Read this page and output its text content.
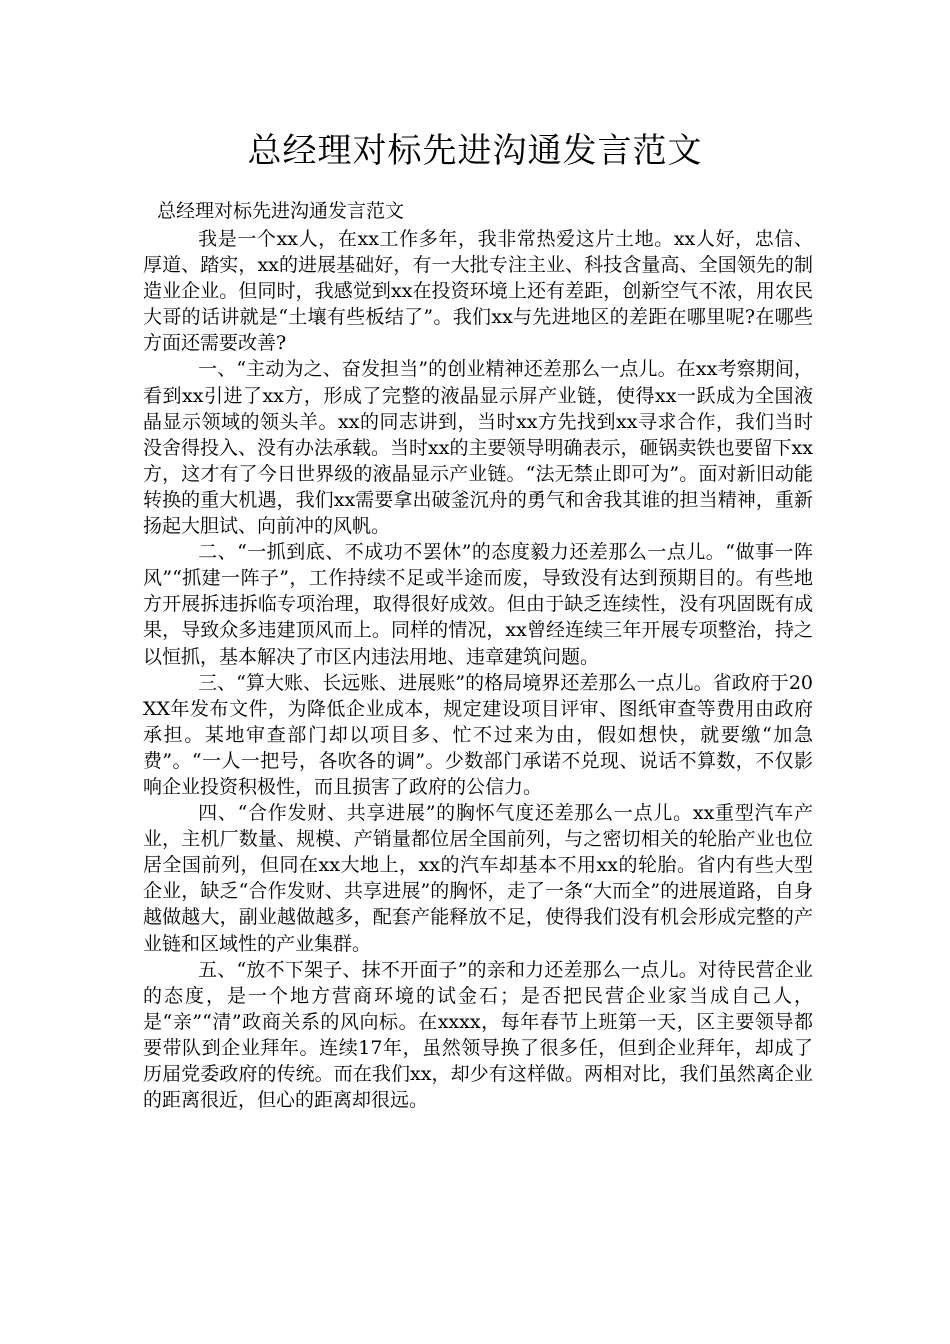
总经理对标先进沟通发言范文

总经理对标先进沟通发言范文

我是一个xx人，在xx工作多年，我非常热爱这片土地。xx人好，忠信、厚道、踏实，xx的进展基础好，有一大批专注主业、科技含量高、全国领先的制造业企业。但同时，我感觉到xx在投资环境上还有差距，创新空气不浓，用农民大哥的话讲就是“土壤有些板结了”。我们xx与先进地区的差距在哪里呢?在哪些方面还需要改善?

一、“主动为之、奋发担当”的创业精神还差那么一点儿。在xx考察期间，看到xx引进了xx方，形成了完整的液晶显示屏产业链，使得xx一跃成为全国液晶显示领域的领头羊。xx的同志讲到，当时xx方先找到xx寻求合作，我们当时没舍得投入、没有办法承载。当时xx的主要领导明确表示，砸锅卖铁也要留下xx方，这才有了今日世界级的液晶显示产业链。“法无禁止即可为”。面对新旧动能转换的重大机遇，我们xx需要拿出破釜沉舟的勇气和舍我其谁的担当精神，重新扬起大胆试、向前冲的风帆。

二、“一抓到底、不成功不罢休”的态度毅力还差那么一点儿。“做事一阵风”“抓建一阵子”，工作持续不足或半途而废，导致没有达到预期目的。有些地方开展拆违拆临专项治理，取得很好成效。但由于缺乏连续性，没有巩固既有成果，导致众多违建顶风而上。同样的情况，xx曾经连续三年开展专项整治，持之以恒抓，基本解决了市区内违法用地、违章建筑问题。

三、“算大账、长远账、进展账”的格局境界还差那么一点儿。省政府于20XX年发布文件，为降低企业成本，规定建设项目评审、图纸审查等费用由政府承担。某地审查部门却以项目多、忙不过来为由，假如想快，就要缴“加急费”。“一人一把号，各吹各的调”。少数部门承诺不兑现、说话不算数，不仅影响企业投资积极性，而且损害了政府的公信力。

四、“合作发财、共享进展”的胸怀气度还差那么一点儿。xx重型汽车产业，主机厂数量、规模、产销量都位居全国前列，与之密切相关的轮胎产业也位居全国前列，但同在xx大地上，xx的汽车却基本不用xx的轮胎。省内有些大型企业，缺乏“合作发财、共享进展”的胸怀，走了一条“大而全”的进展道路，自身越做越大，副业越做越多，配套产能释放不足，使得我们没有机会形成完整的产业链和区域性的产业集群。

五、“放不下架子、抹不开面子”的亲和力还差那么一点儿。对待民营企业的态度，是一个地方营商环境的试金石；是否把民营企业家当成自己人，是“亲”“清”政商关系的风向标。在xxxx，每年春节上班第一天，区主要领导都要带队到企业拜年。连续17年，虽然领导换了很多任，但到企业拜年，却成了历届党委政府的传统。而在我们xx，却少有这样做。两相对比，我们虽然离企业的距离很近，但心的距离却很远。
